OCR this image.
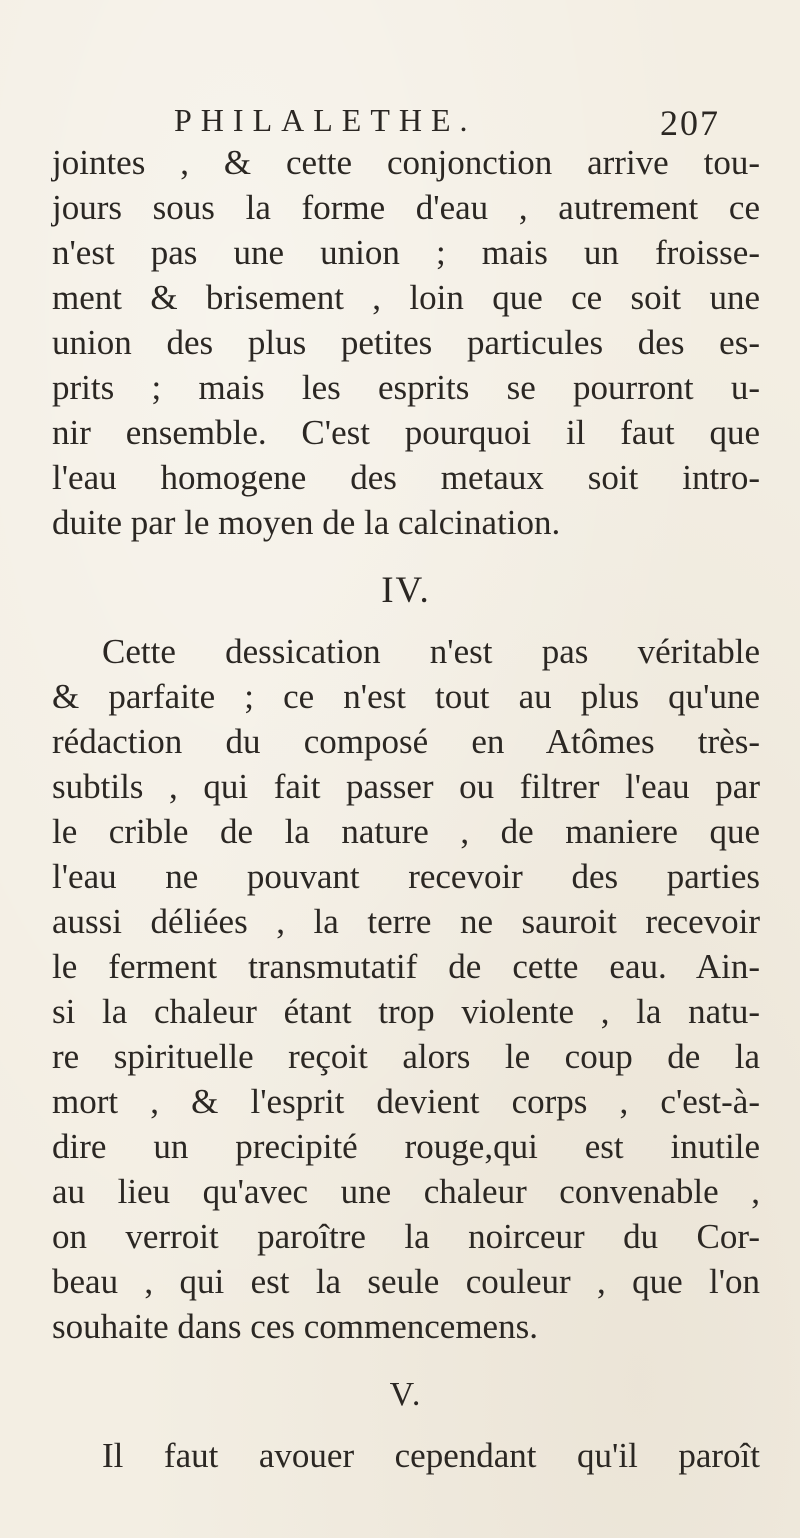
PHILALETHE.	207
jointes , & cette conjonction arrive tou-
jours sous la forme d'eau , autrement ce
n'est pas une union ; mais un froisse-
ment & brisement , loin que ce soit une
union des plus petites particules des es-
prits ; mais les esprits se pourront u-
nir ensemble. C'est pourquoi il faut que
l'eau homogene des metaux soit intro-
duite par le moyen de la calcination.
IV.
Cette dessication n'est pas véritable
& parfaite ; ce n'est tout au plus qu'une
rédaction du composé en Atômes très-
subtils , qui fait passer ou filtrer l'eau par
le crible de la nature , de maniere que
l'eau ne pouvant recevoir des parties
aussi déliées , la terre ne sauroit recevoir
le ferment transmutatif de cette eau. Ain-
si la chaleur étant trop violente , la natu-
re spirituelle reçoit alors le coup de la
mort , & l'esprit devient corps , c'est-à-
dire un precipité rouge,qui est inutile
au lieu qu'avec une chaleur convenable ,
on verroit paroître la noirceur du Cor-
beau , qui est la seule couleur , que l'on
souhaite dans ces commencemens.
V.
Il faut avouer cependant qu'il paroît
